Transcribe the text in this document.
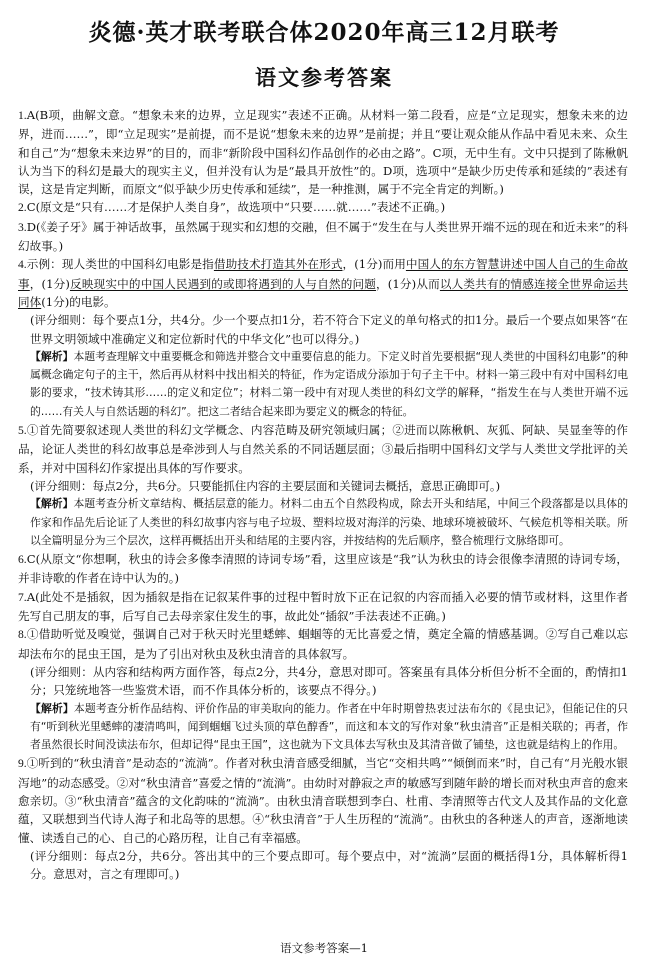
炎德·英才联考联合体2020年高三12月联考
语文参考答案

1.A(B项，曲解文意。“想象未来的边界，立足现实”表述不正确。从材料一第二段看，应是“立足现实，想象未来的边界，进而……”，即“立足现实”是前提，而不是说“想象未来的边界”是前提；并且“要让观众能从作品中看见未来、众生和自己”为“想象未来边界”的目的，而非“新阶段中国科幻作品创作的必由之路”。C项，无中生有。文中只提到了陈楸帆认为当下的科幻是最大的现实主义，但并没有认为是“最具开放性”的。D项，选项中“是缺少历史传承和延续的”表述有误，这是肯定判断，而原文“似乎缺少历史传承和延续”，是一种推测，属于不完全肯定的判断。)

2.C(原文是“只有……才是保护人类自身”，故选项中“只要……就……”表述不正确。)

3.D(《姜子牙》属于神话故事，虽然属于现实和幻想的交融，但不属于“发生在与人类世界开端不远的现在和近未来”的科幻故事。)

4.示例：现人类世的中国科幻电影是指借助技术打造其外在形式，(1分)而用中国人的东方智慧讲述中国人自己的生命故事，(1分)反映现实中的中国人民遇到的或即将遇到的人与自然的问题，(1分)从而以人类共有的情感连接全世界命运共同体(1分)的电影。

(评分细则：每个要点1分，共4分。少一个要点扣1分，若不符合下定义的单句格式的扣1分。最后一个要点如果答“在世界文明领域中准确定义和定位新时代的中华文化”也可以得分。)

【解析】本题考查理解文中重要概念和筛选并整合文中重要信息的能力。下定义时首先要根据“现人类世的中国科幻电影”的种属概念确定句子的主干，然后再从材料中找出相关的特征，作为定语成分添加于句子主干中。材料一第三段中有对中国科幻电影的要求，“技术铸其形……的定义和定位”；材料二第一段中有对现人类世的科幻文学的解释，“指发生在与人类世开端不远的……有关人与自然话题的科幻”。把这二者结合起来即为要定义的概念的特征。

5.①首先简要叙述现人类世的科幻文学概念、内容范畴及研究领域归属；②进而以陈楸帆、灰狐、阿缺、吴显奎等的作品，论证人类世的科幻故事总是牵涉到人与自然关系的不同话题层面；③最后指明中国科幻文学与人类世文学批评的关系，并对中国科幻作家提出具体的写作要求。

(评分细则：每点2分，共6分。只要能抓住内容的主要层面和关键词去概括，意思正确即可。)

【解析】本题考查分析文章结构、概括层意的能力。材料二由五个自然段构成，除去开头和结尾，中间三个段落都是以具体的作家和作品先后论证了人类世的科幻故事内容与电子垃圾、塑料垃圾对海洋的污染、地球环境被破坏、气候危机等相关联。所以全篇明显分为三个层次，这样再概括出开头和结尾的主要内容，并按结构的先后顺序，整合梳理行文脉络即可。

6.C(从原文“你想啊，秋虫的诗会多像李清照的诗词专场”看，这里应该是“我”认为秋虫的诗会很像李清照的诗词专场，并非诗歌的作者在诗中认为的。)

7.A(此处不是插叙，因为插叙是指在记叙某件事的过程中暂时放下正在记叙的内容而插入必要的情节或材料，这里作者先写自己朋友的事，后写自己去母亲家住发生的事，故此处“插叙”手法表述不正确。)

8.①借助听觉及嗅觉，强调自己对于秋天时光里蟋蟀、蝈蝈等的无比喜爱之情，奠定全篇的情感基调。②写自己难以忘却法布尔的昆虫王国，是为了引出对秋虫及秋虫清音的具体叙写。

(评分细则：从内容和结构两方面作答，每点2分，共4分，意思对即可。答案虽有具体分析但分析不全面的，酌情扣1分；只笼统地答一些鉴赏术语，而不作具体分析的，该要点不得分。)

【解析】本题考查分析作品结构、评价作品的审美取向的能力。作者在中年时期曾热衷过法布尔的《昆虫记》，但能记住的只有“听到秋光里蟋蟀的凄清鸣叫，闻到蝈蝈飞过头顶的草色醇香”，而这和本文的写作对象“秋虫清音”正是相关联的；再者，作者虽然很长时间没读法布尔，但却记得“昆虫王国”，这也就为下文具体去写秋虫及其清音做了铺垫，这也就是结构上的作用。

9.①听到的“秋虫清音”是动态的“流淌”。作者对秋虫清音感受细腻，当它“交相共鸣”“倾倒而来”时，自己有“月光般水银泻地”的动态感受。②对“秋虫清音”喜爱之情的“流淌”。由幼时对静寂之声的敏感写到随年龄的增长而对秋虫声音的愈来愈亲切。③“秋虫清音”蕴含的文化韵味的“流淌”。由秋虫清音联想到李白、杜甫、李清照等古代文人及其作品的文化意蕴，又联想到当代诗人海子和北岛等的思想。④“秋虫清音”于人生历程的“流淌”。由秋虫的各种迷人的声音，逐渐地读懂、读透自己的心、自己的心路历程，让自己有幸福感。

(评分细则：每点2分，共6分。答出其中的三个要点即可。每个要点中，对“流淌”层面的概括得1分，具体解析得1分。意思对，言之有理即可。)

语文参考答案—1
